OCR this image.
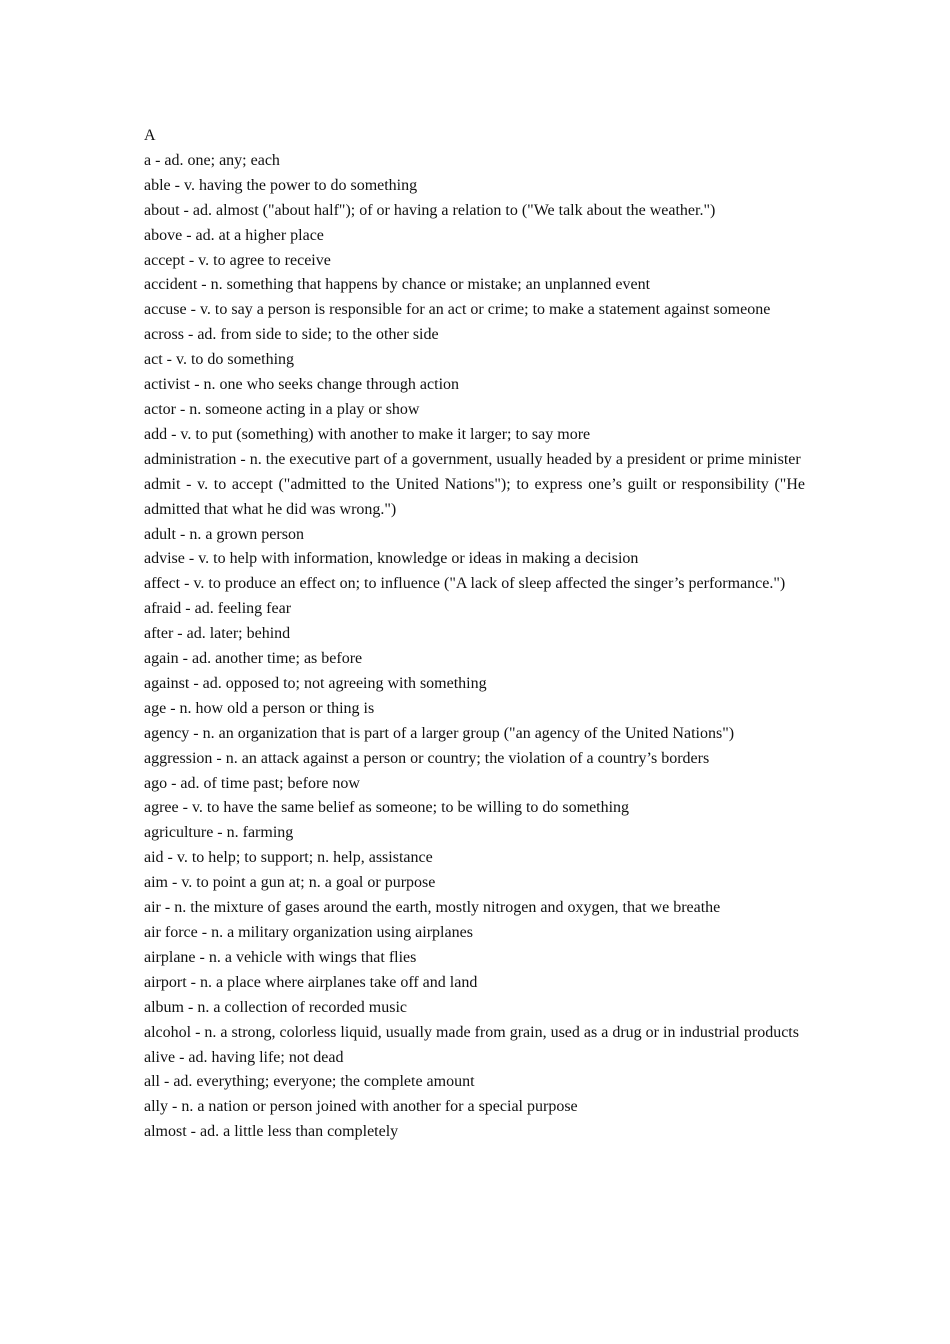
A

a - ad. one; any; each

able - v. having the power to do something

about - ad. almost ("about half"); of or having a relation to ("We talk about the weather.")

above - ad. at a higher place

accept - v. to agree to receive

accident - n. something that happens by chance or mistake; an unplanned event

accuse - v. to say a person is responsible for an act or crime; to make a statement against someone

across - ad. from side to side; to the other side

act - v. to do something

activist - n. one who seeks change through action

actor - n. someone acting in a play or show

add - v. to put (something) with another to make it larger; to say more

administration - n. the executive part of a government, usually headed by a president or prime minister

admit - v. to accept ("admitted to the United Nations"); to express one’s guilt or responsibility ("He admitted that what he did was wrong.")

adult - n. a grown person

advise - v. to help with information, knowledge or ideas in making a decision

affect - v. to produce an effect on; to influence ("A lack of sleep affected the singer’s performance.")

afraid - ad. feeling fear

after - ad. later; behind

again - ad. another time; as before

against - ad. opposed to; not agreeing with something

age - n. how old a person or thing is

agency - n. an organization that is part of a larger group ("an agency of the United Nations")

aggression - n. an attack against a person or country; the violation of a country’s borders

ago - ad. of time past; before now

agree - v. to have the same belief as someone; to be willing to do something

agriculture - n. farming

aid - v. to help; to support; n. help, assistance

aim - v. to point a gun at; n. a goal or purpose

air - n. the mixture of gases around the earth, mostly nitrogen and oxygen, that we breathe

air force - n. a military organization using airplanes

airplane - n. a vehicle with wings that flies

airport - n. a place where airplanes take off and land

album - n. a collection of recorded music

alcohol - n. a strong, colorless liquid, usually made from grain, used as a drug or in industrial products

alive - ad. having life; not dead

all - ad. everything; everyone; the complete amount

ally - n. a nation or person joined with another for a special purpose

almost - ad. a little less than completely
